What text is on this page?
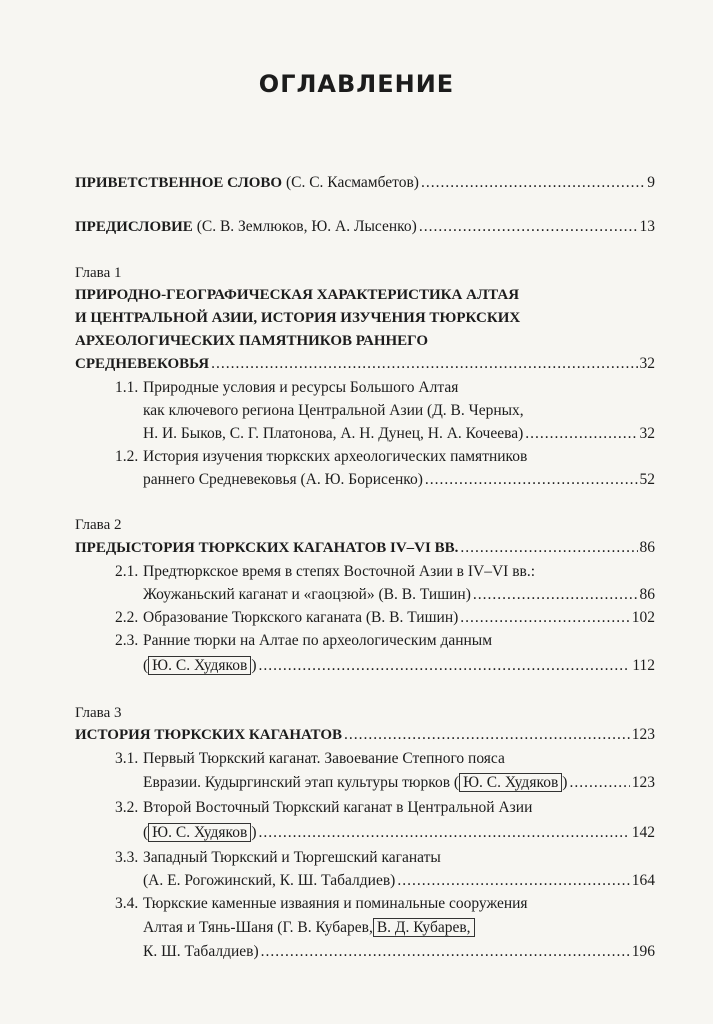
ОГЛАВЛЕНИЕ
ПРИВЕТСТВЕННОЕ СЛОВО (С. С. Касмамбетов) .....	9
ПРЕДИСЛОВИЕ (С. В. Землюков, Ю. А. Лысенко) .....	13
Глава 1
ПРИРОДНО-ГЕОГРАФИЧЕСКАЯ ХАРАКТЕРИСТИКА АЛТАЯ
И ЦЕНТРАЛЬНОЙ АЗИИ, ИСТОРИЯ ИЗУЧЕНИЯ ТЮРКСКИХ
АРХЕОЛОГИЧЕСКИХ ПАМЯТНИКОВ РАННЕГО
СРЕДНЕВЕКОВЬЯ .....	32
1.1. Природные условия и ресурсы Большого Алтая
как ключевого региона Центральной Азии (Д. В. Черных,
Н. И. Быков, С. Г. Платонова, А. Н. Дунец, Н. А. Кочеева) .....	32
1.2. История изучения тюркских археологических памятников
раннего Средневековья (А. Ю. Борисенко) .....	52
Глава 2
ПРЕДЫСТОРИЯ ТЮРКСКИХ КАГАНАТОВ IV–VI ВВ. .....	86
2.1. Предтюркское время в степях Восточной Азии в IV–VI вв.:
Жоужаньский каганат и «гаоцзюй» (В. В. Тишин) .....	86
2.2. Образование Тюркского каганата (В. В. Тишин) .....	102
2.3. Ранние тюрки на Алтае по археологическим данным
( Ю. С. Худяков ) .....	112
Глава 3
ИСТОРИЯ ТЮРКСКИХ КАГАНАТОВ .....	123
3.1. Первый Тюркский каганат. Завоевание Степного пояса
Евразии. Кудыргинский этап культуры тюрков ( Ю. С. Худяков ) .....	123
3.2. Второй Восточный Тюркский каганат в Центральной Азии
( Ю. С. Худяков ) .....	142
3.3. Западный Тюркский и Тюргешский каганаты
(А. Е. Рогожинский, К. Ш. Табалдиев) .....	164
3.4. Тюркские каменные изваяния и поминальные сооружения
Алтая и Тянь-Шаня (Г. В. Кубарев, В. Д. Кубарев,
К. Ш. Табалдиев) .....	196
